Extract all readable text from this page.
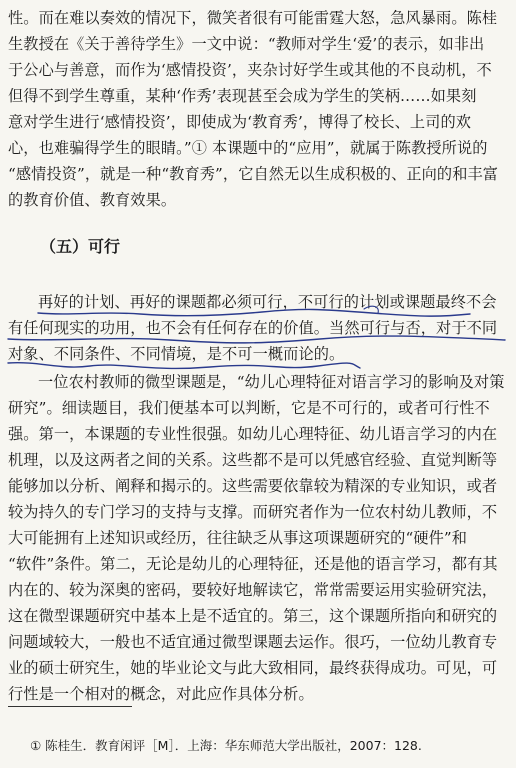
性。而在难以奏效的情况下，微笑者很有可能雷霆大怒，急风暴雨。陈桂
生教授在《关于善待学生》一文中说：“教师对学生‘爱’的表示，如非出
于公心与善意，而作为‘感情投资’，夹杂讨好学生或其他的不良动机，不
但得不到学生尊重，某种‘作秀’表现甚至会成为学生的笑柄……如果刻
意对学生进行‘感情投资’，即使成为‘教育秀’，博得了校长、上司的欢
心，也难骗得学生的眼睛。”① 本课题中的“应用”，就属于陈教授所说的
“感情投资”，就是一种“教育秀”，它自然无以生成积极的、正向的和丰富
的教育价值、教育效果。
（五）可行
再好的计划、再好的课题都必须可行，不可行的计划或课题最终不会
有任何现实的功用，也不会有任何存在的价值。当然可行与否，对于不同
对象、不同条件、不同情境，是不可一概而论的。
一位农村教师的微型课题是，“幼儿心理特征对语言学习的影响及对策
研究”。细读题目，我们便基本可以判断，它是不可行的，或者可行性不
强。第一，本课题的专业性很强。如幼儿心理特征、幼儿语言学习的内在
机理，以及这两者之间的关系。这些都不是可以凭感官经验、直觉判断等
能够加以分析、阐释和揭示的。这些需要依靠较为精深的专业知识，或者
较为持久的专门学习的支持与支撑。而研究者作为一位农村幼儿教师，不
大可能拥有上述知识或经历，往往缺乏从事这项课题研究的“硬件”和
“软件”条件。第二，无论是幼儿的心理特征，还是他的语言学习，都有其
内在的、较为深奥的密码，要较好地解读它，常常需要运用实验研究法，
这在微型课题研究中基本上是不适宜的。第三，这个课题所指向和研究的
问题域较大，一般也不适宜通过微型课题去运作。很巧，一位幼儿教育专
业的硕士研究生，她的毕业论文与此大致相同，最终获得成功。可见，可
行性是一个相对的概念，对此应作具体分析。
① 陈桂生．教育闲评［M］．上海：华东师范大学出版社，2007：128.
